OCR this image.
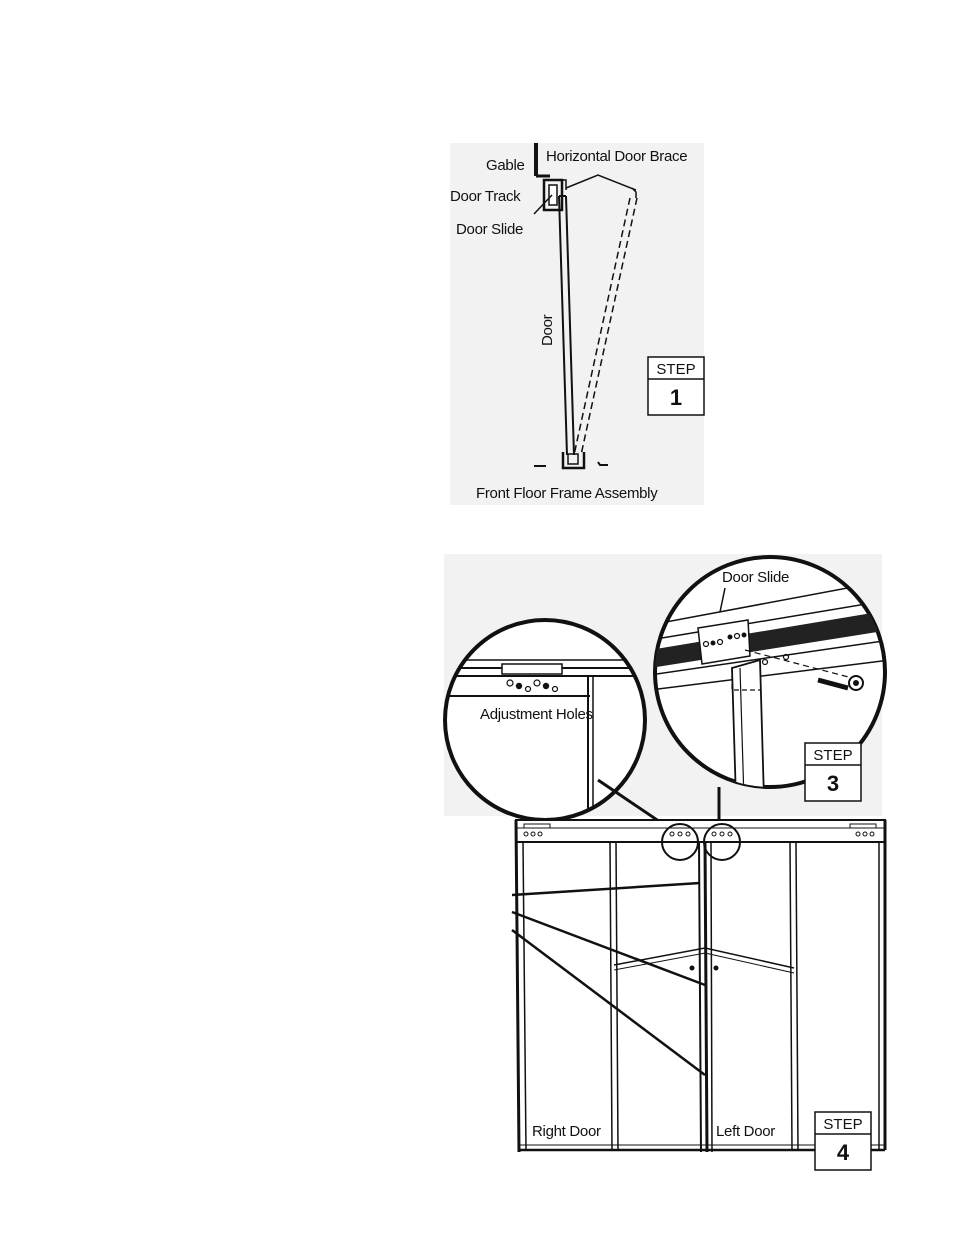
Gable
Horizontal Door Brace
Door Track
Door Slide
Door
Front Floor Frame Assembly
STEP
1
Adjustment Holes
Door Slide
STEP
3
Right Door	Left Door	STEP
4
